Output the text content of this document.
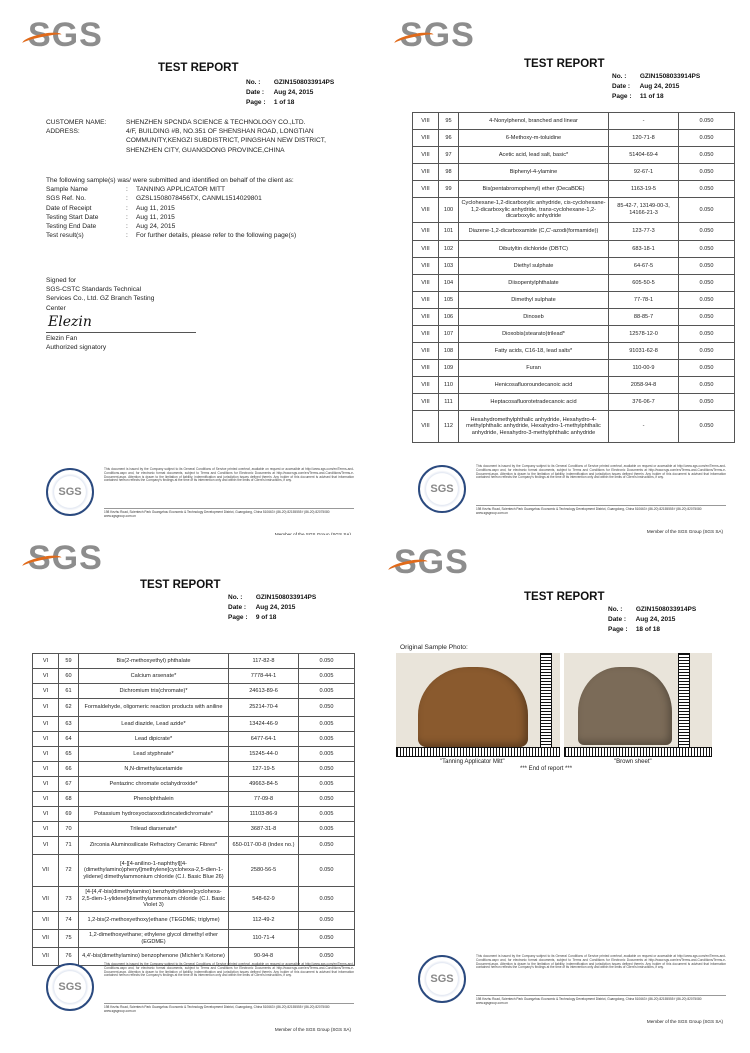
SGS
TEST REPORT
No. : GZIN1508033914PS
Date : Aug 24, 2015
Page : 1 of 18
CUSTOMER NAME:	SHENZHEN SPCNDA SCIENCE & TECHNOLOGY CO.,LTD.
ADDRESS:	4/F, BUILDING #B, NO.351 OF SHENSHAN ROAD, LONGTIAN
COMMUNITY,KENGZI SUBDISTRICT, PINGSHAN NEW DISTRICT,
SHENZHEN CITY, GUANGDONG PROVINCE,CHINA
The following sample(s) was/ were submitted and identified on behalf of the client as:
Sample Name	:	TANNING APPLICATOR MITT
SGS Ref. No.	:	GZSL1508078456TX, CANML1514029801
Date of Receipt	:	Aug 11, 2015
Testing Start Date	:	Aug 11, 2015
Testing End Date	:	Aug 24, 2015
Test result(s)	:	For further details, please refer to the following page(s)
Signed for
SGS-CSTC Standards Technical
Services Co., Ltd. GZ Branch Testing
Center
Elezin
Elezin Fan
Authorized signatory
SGS
This document is issued by the Company subject to its General Conditions of Service printed overleaf, available on request or accessible at http://www.sgs.com/en/Terms-and-Conditions.aspx and, for electronic format documents, subject to Terms and Conditions for Electronic Documents at http://www.sgs.com/en/Terms-and-Conditions/Terms-e-Document.aspx. Attention is drawn to the limitation of liability, indemnification and jurisdiction issues defined therein. Any holder of this document is advised that information contained hereon reflects the Company's findings at the time of its intervention only and within the limits of Client's instructions, if any.
198 Kezhu Road, Scientech Park Guangzhou Economic & Technology Development District, Guangdong, China 510663 t (86-20) 82155555 f (86-20) 82075080 www.sgsgroup.com.cn
SGS
TEST REPORT
No. : GZIN1508033914PS
Date : Aug 24, 2015
Page : 11 of 18
VIII	95	4-Nonylphenol, branched and linear	-	0.050
VIII	96	6-Methoxy-m-toluidine	120-71-8	0.050
VIII	97	Acetic acid, lead salt, basic*	51404-69-4	0.050
VIII	98	Biphenyl-4-ylamine	92-67-1	0.050
VIII	99	Bis(pentabromophenyl) ether (DecaBDE)	1163-19-5	0.050
VIII	100	Cyclohexane-1,2-dicarboxylic anhydride, cis-cyclohexane-1,2-dicarboxylic anhydride, trans-cyclohexane-1,2-dicarboxylic anhydride	85-42-7, 13149-00-3, 14166-21-3	0.050
VIII	101	Diazene-1,2-dicarboxamide (C,C'-azodi(formamide))	123-77-3	0.050
VIII	102	Dibutyltin dichloride (DBTC)	683-18-1	0.050
VIII	103	Diethyl sulphate	64-67-5	0.050
VIII	104	Diisopentylphthalate	605-50-5	0.050
VIII	105	Dimethyl sulphate	77-78-1	0.050
VIII	106	Dinoseb	88-85-7	0.050
VIII	107	Dioxobis(stearato)trilead*	12578-12-0	0.050
VIII	108	Fatty acids, C16-18, lead salts*	91031-62-8	0.050
VIII	109	Furan	110-00-9	0.050
VIII	110	Henicosafluoroundecanoic acid	2058-94-8	0.050
VIII	111	Heptacosafluorotetradecanoic acid	376-06-7	0.050
VIII	112	Hexahydromethylphthalic anhydride, Hexahydro-4-methylphthalic anhydride, Hexahydro-1-methylphthalic anhydride, Hexahydro-3-methylphthalic anhydride	-	0.050
SGS
This document is issued by the Company subject to its General Conditions of Service printed overleaf, available on request or accessible at http://www.sgs.com/en/Terms-and-Conditions.aspx and, for electronic format documents, subject to Terms and Conditions for Electronic Documents at http://www.sgs.com/en/Terms-and-Conditions/Terms-e-Document.aspx. Attention is drawn to the limitation of liability, indemnification and jurisdiction issues defined therein. Any holder of this document is advised that information contained hereon reflects the Company's findings at the time of its intervention only and within the limits of Client's instructions, if any.
198 Kezhu Road, Scientech Park Guangzhou Economic & Technology Development District, Guangdong, China 510663 t (86-20) 82155555 f (86-20) 82075080 www.sgsgroup.com.cn
Member of the SGS Group (SGS SA)
SGS
TEST REPORT
No. : GZIN1508033914PS
Date : Aug 24, 2015
Page : 9 of 18
VI	59	Bis(2-methoxyethyl) phthalate	117-82-8	0.050
VI	60	Calcium arsenate*	7778-44-1	0.005
VI	61	Dichromium tris(chromate)*	24613-89-6	0.005
VI	62	Formaldehyde, oligomeric reaction products with aniline	25214-70-4	0.050
VI	63	Lead diazide, Lead azide*	13424-46-9	0.005
VI	64	Lead dipicrate*	6477-64-1	0.005
VI	65	Lead styphnate*	15245-44-0	0.005
VI	66	N,N-dimethylacetamide	127-19-5	0.050
VI	67	Pentazinc chromate octahydroxide*	49663-84-5	0.005
VI	68	Phenolphthalein	77-09-8	0.050
VI	69	Potassium hydroxyoctaoxodizincatedichromate*	11103-86-9	0.005
VI	70	Trilead diarsenate*	3687-31-8	0.005
VI	71	Zirconia Aluminosilicate Refractory Ceramic Fibres*	650-017-00-8 (Index no.)	0.050
VII	72	[4-[[4-anilino-1-naphthyl][4-(dimethylamino)phenyl]methylene]cyclohexa-2,5-dien-1-ylidene] dimethylammonium chloride (C.I. Basic Blue 26)	2580-56-5	0.050
VII	73	[4-[4,4'-bis(dimethylamino) benzhydrylidene]cyclohexa-2,5-dien-1-ylidene]dimethylammonium chloride (C.I. Basic Violet 3)	548-62-9	0.050
VII	74	1,2-bis(2-methoxyethoxy)ethane (TEGDME; triglyme)	112-49-2	0.050
VII	75	1,2-dimethoxyethane; ethylene glycol dimethyl ether (EGDME)	110-71-4	0.050
VII	76	4,4'-bis(dimethylamino) benzophenone (Michler's Ketone)	90-94-8	0.050
SGS
This document is issued by the Company subject to its General Conditions of Service printed overleaf, available on request or accessible at http://www.sgs.com/en/Terms-and-Conditions.aspx and, for electronic format documents, subject to Terms and Conditions for Electronic Documents at http://www.sgs.com/en/Terms-and-Conditions/Terms-e-Document.aspx. Attention is drawn to the limitation of liability, indemnification and jurisdiction issues defined therein. Any holder of this document is advised that information contained hereon reflects the Company's findings at the time of its intervention only and within the limits of Client's instructions, if any.
198 Kezhu Road, Scientech Park Guangzhou Economic & Technology Development District, Guangdong, China 510663 t (86-20) 82155555 f (86-20) 82075080 www.sgsgroup.com.cn
Member of the SGS Group (SGS SA)
SGS
TEST REPORT
No. : GZIN1508033914PS
Date : Aug 24, 2015
Page : 18 of 18
Original Sample Photo:
"Tanning Applicator Mitt"	"Brown sheet"
*** End of report ***
SGS
This document is issued by the Company subject to its General Conditions of Service printed overleaf, available on request or accessible at http://www.sgs.com/en/Terms-and-Conditions.aspx and, for electronic format documents, subject to Terms and Conditions for Electronic Documents at http://www.sgs.com/en/Terms-and-Conditions/Terms-e-Document.aspx. Attention is drawn to the limitation of liability, indemnification and jurisdiction issues defined therein. Any holder of this document is advised that information contained hereon reflects the Company's findings at the time of its intervention only and within the limits of Client's instructions, if any.
198 Kezhu Road, Scientech Park Guangzhou Economic & Technology Development District, Guangdong, China 510663 t (86-20) 82155555 f (86-20) 82075080 www.sgsgroup.com.cn
Member of the SGS Group (SGS SA)
